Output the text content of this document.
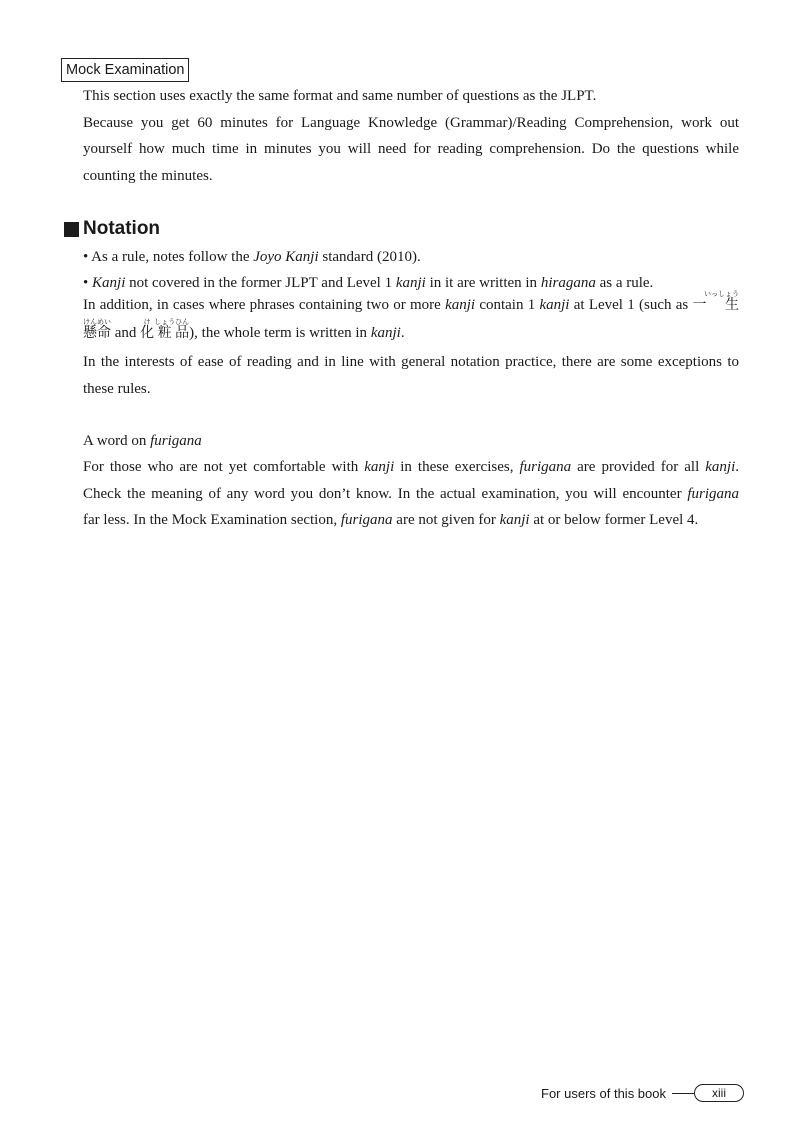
Mock Examination

This section uses exactly the same format and same number of questions as the JLPT.
Because you get 60 minutes for Language Knowledge (Grammar)/Reading Comprehension, work out
yourself how much time in minutes you will need for reading comprehension. Do the questions while
counting the minutes.

Notation

• As a rule, notes follow the Joyo Kanji standard (2010).

• Kanji not covered in the former JLPT and Level 1 kanji in it are written in hiragana as a rule.

In addition, in cases where phrases containing two or more kanji contain 1 kanji at Level 1 (such as 一生いっしょう
懸命けんめい and 化け粧しょう品ひん), the whole term is written in kanji.

In the interests of ease of reading and in line with general notation practice, there are some exceptions to
these rules.

A word on furigana

For those who are not yet comfortable with kanji in these exercises, furigana are provided for all kanji.
Check the meaning of any word you don’t know. In the actual examination, you will encounter furigana
far less. In the Mock Examination section, furigana are not given for kanji at or below former Level 4.

For users of this book	xiii
